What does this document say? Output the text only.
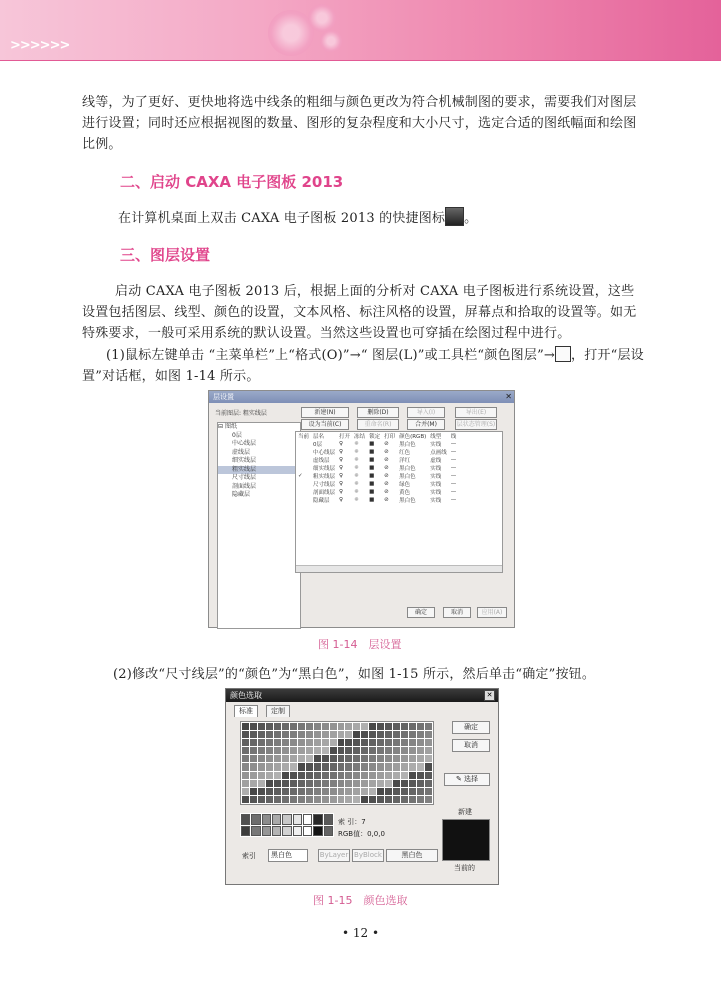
>>>>>>

线等，为了更好、更快地将选中线条的粗细与颜色更改为符合机械制图的要求，需要我们对图层进行设置；同时还应根据视图的数量、图形的复杂程度和大小尺寸，选定合适的图纸幅面和绘图比例。

二、启动 CAXA 电子图板 2013

在计算机桌面上双击 CAXA 电子图板 2013 的快捷图标 。

三、图层设置

启动 CAXA 电子图板 2013 后，根据上面的分析对 CAXA 电子图板进行系统设置，这些设置包括图层、线型、颜色的设置，文本风格、标注风格的设置，屏幕点和拾取的设置等。如无特殊要求，一般可采用系统的默认设置。当然这些设置也可穿插在绘图过程中进行。

(1)鼠标左键单击 “主菜单栏”上“格式(O)”→“ 图层(L)”或工具栏“颜色图层”→ ，打开“层设置”对话框，如图 1-14 所示。

层设置	✕
当前图层: 粗实线层	新建(N)	删除(D)	导入(I)	导出(E)
设为当前(C)	重命名(R)	合并(M)	层状态管理(S)
⊟ 图纸
0层
中心线层
虚线层
细实线层
粗实线层
尺寸线层
剖面线层
隐藏层
当前	层名	打开	冻结	锁定	打印	颜色(RGB)	线型	线
	0层	♀	☼	■	⊘	黑白色	实线	—
	中心线层	♀	☼	■	⊘	红色	点画线	—
	虚线层	♀	☼	■	⊘	洋红	虚线	—
	细实线层	♀	☼	■	⊘	黑白色	实线	—
✓	粗实线层	♀	☼	■	⊘	黑白色	实线	—
	尺寸线层	♀	☼	■	⊘	绿色	实线	—
	剖面线层	♀	☼	■	⊘	黄色	实线	—
	隐藏层	♀	☼	■	⊘	黑白色	实线	—
确定	取消	应用(A)
图 1-14　层设置

(2)修改“尺寸线层”的“颜色”为“黑白色”，如图 1-15 所示，然后单击“确定”按钮。

颜色选取	✕
标准	定制
索 引：7
RGB值：0,0,0
索引	黑白色	ByLayer ByBlock	黑白色
确定
取消
✎ 选择
新建
当前的
图 1-15　颜色选取
• 12 •
